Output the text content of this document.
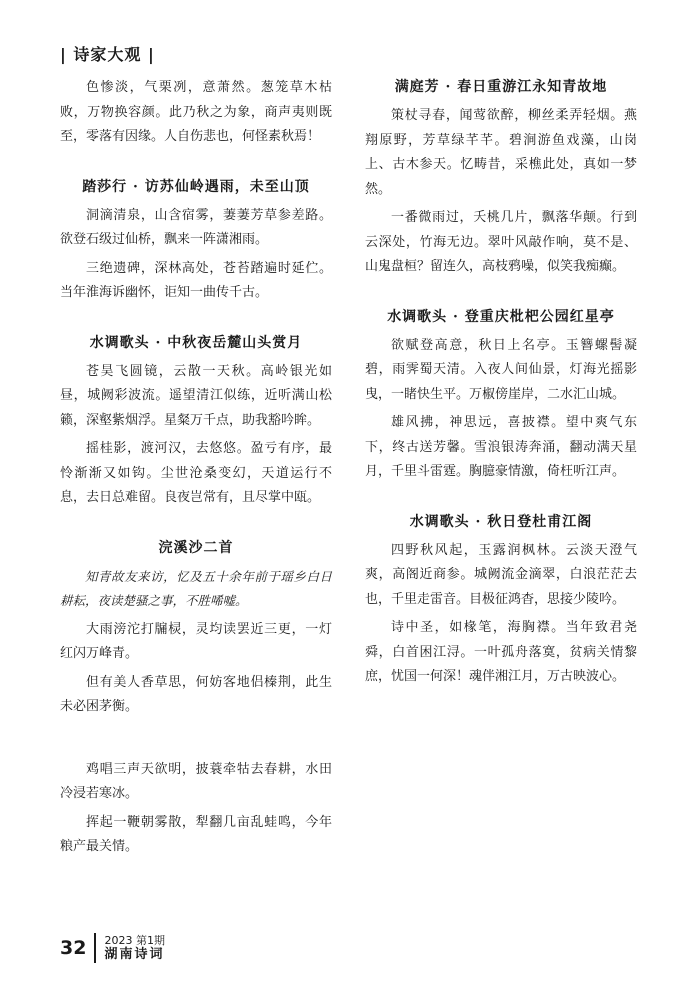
| 诗家大观 |

色惨淡，气栗冽，意萧然。葱笼草木枯败，万物换容颜。此乃秋之为象，商声夷则既至，零落有因缘。人自伤悲也，何怪素秋焉！

踏莎行 · 访苏仙岭遇雨，未至山顶

洞滴清泉，山含宿雾，萋萋芳草参差路。欲登石级过仙桥，飘来一阵潇湘雨。

三绝遗碑，深林高处，苍苔踏遍时延伫。当年淮海诉幽怀，讵知一曲传千古。

水调歌头 · 中秋夜岳麓山头赏月

苍昊飞圆镜，云散一天秋。高岭银光如昼，城阙彩波流。遥望清江似练，近听满山松籁，深壑紫烟浮。星粲万千点，助我豁吟眸。

摇桂影，渡河汉，去悠悠。盈亏有序，最怜渐渐又如钩。尘世沧桑变幻，天道运行不息，去日总难留。良夜岂常有，且尽掌中瓯。

浣溪沙二首

知青故友来访，忆及五十余年前于瑶乡白日耕耘，夜读楚骚之事，不胜唏嘘。

大雨滂沱打牖棂，灵均读罢近三更，一灯红闪万峰青。

但有美人香草思，何妨客地侣榛荆，此生未必困茅衡。

鸡唱三声天欲明，披蓑牵牯去春耕，水田冷浸若寒冰。

挥起一鞭朝雾散，犁翻几亩乱蛙鸣，今年粮产最关情。

满庭芳 · 春日重游江永知青故地

策杖寻春，闻莺欲醉，柳丝柔弄轻烟。燕翔原野，芳草绿芊芊。碧涧游鱼戏藻，山岗上、古木参天。忆畴昔，采樵此处，真如一梦然。

一番微雨过，夭桃几片，飘落华颠。行到云深处，竹海无边。翠叶风敲作响，莫不是、山鬼盘桓？留连久，高枝鸦噪，似笑我痴癫。

水调歌头 · 登重庆枇杷公园红星亭

欲赋登高意，秋日上名亭。玉簪螺髻凝碧，雨霁蜀天清。入夜人间仙景，灯海光摇影曳，一睹快生平。万椒傍崖岸，二水汇山城。

雄风拂，神思远，喜披襟。望中爽气东下，终古送芳馨。雪浪银涛奔涌，翻动满天星月，千里斗雷霆。胸臆豪情激，倚枉听江声。

水调歌头 · 秋日登杜甫江阁

四野秋风起，玉露润枫林。云淡天澄气爽，高阁近商参。城阙流金滴翠，白浪茫茫去也，千里走雷音。目极征鸿杳，思接少陵吟。

诗中圣，如椽笔，海胸襟。当年致君尧舜，白首困江浔。一叶孤舟落寞，贫病关情黎庶，忧国一何深！魂伴湘江月，万古映波心。

32 2023 第1期
湖南诗词
